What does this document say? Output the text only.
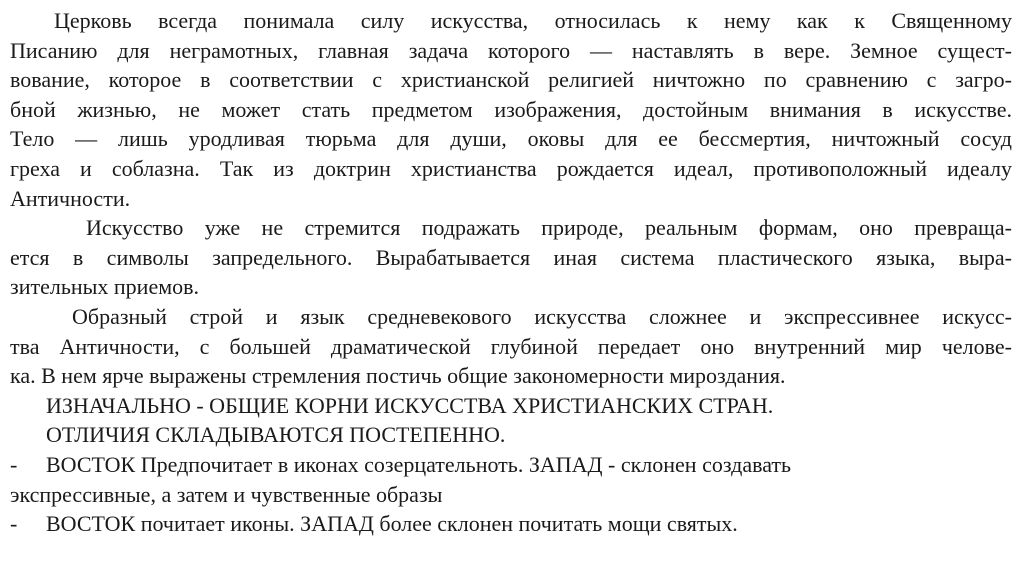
Церковь всегда понимала силу искусства, относилась к нему как к Священному
Писанию для неграмотных, главная задача которого — наставлять в вере. Земное сущест-
вование, которое в соответствии с христианской религией ничтожно по сравнению с загро-
бной жизнью, не может стать предметом изображения, достойным внимания в искусстве.
Тело — лишь уродливая тюрьма для души, оковы для ее бессмертия, ничтожный сосуд
греха и соблазна. Так из доктрин христианства рождается идеал, противоположный идеалу
Античности.
Искусство уже не стремится подражать природе, реальным формам, оно превраща-
ется в символы запредельного. Вырабатывается иная система пластического языка, выра-
зительных приемов.
Образный строй и язык средневекового искусства сложнее и экспрессивнее искусс-
тва Античности, с большей драматической глубиной передает оно внутренний мир челове-
ка. В нем ярче выражены стремления постичь общие закономерности мироздания.
ИЗНАЧАЛЬНО - ОБЩИЕ КОРНИ ИСКУССТВА ХРИСТИАНСКИХ СТРАН.
ОТЛИЧИЯ СКЛАДЫВАЮТСЯ ПОСТЕПЕННО.
-	ВОСТОК Предпочитает в иконах созерцательноть. ЗАПАД - склонен создавать
экспрессивные, а затем и чувственные образы
-	ВОСТОК почитает иконы. ЗАПАД более склонен почитать мощи святых.
